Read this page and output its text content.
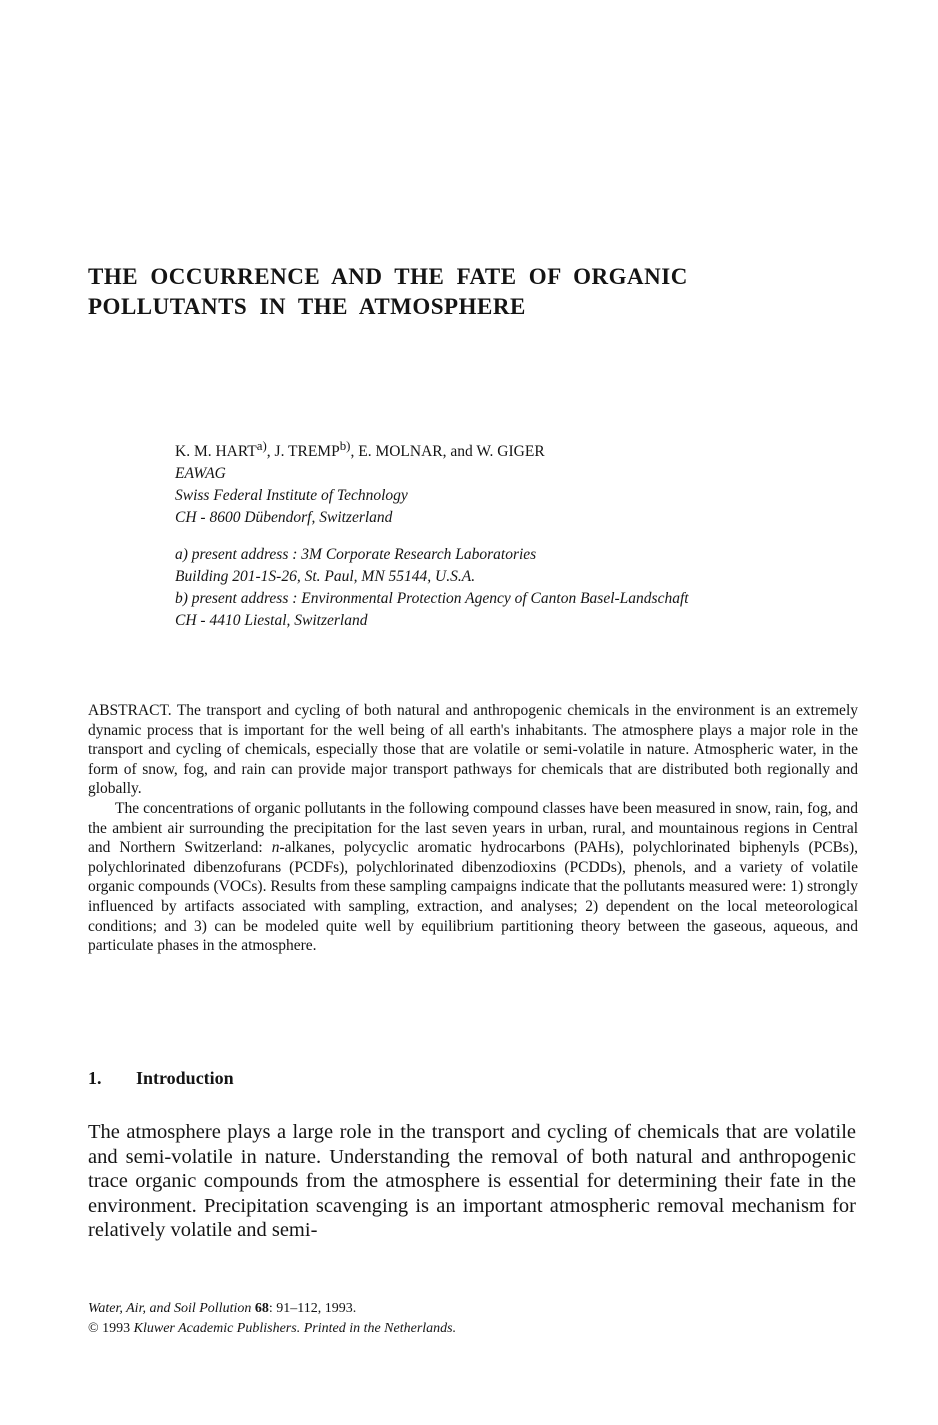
THE OCCURRENCE AND THE FATE OF ORGANIC
POLLUTANTS IN THE ATMOSPHERE
K. M. HART$^{a)}$, J. TREMP$^{b)}$, E. MOLNAR, and W. GIGER
EAWAG
Swiss Federal Institute of Technology
CH - 8600 Dübendorf, Switzerland
a) present address : 3M Corporate Research Laboratories
Building 201-1S-26, St. Paul, MN 55144, U.S.A.
b) present address : Environmental Protection Agency of Canton Basel-Landschaft
CH - 4410 Liestal, Switzerland

ABSTRACT. The transport and cycling of both natural and anthropogenic chemicals in the environment is an extremely dynamic process that is important for the well being of all earth's inhabitants. The atmosphere plays a major role in the transport and cycling of chemicals, especially those that are volatile or semi-volatile in nature. Atmospheric water, in the form of snow, fog, and rain can provide major transport pathways for chemicals that are distributed both regionally and globally.

The concentrations of organic pollutants in the following compound classes have been measured in snow, rain, fog, and the ambient air surrounding the precipitation for the last seven years in urban, rural, and mountainous regions in Central and Northern Switzerland: n-alkanes, polycyclic aromatic hydrocarbons (PAHs), polychlorinated biphenyls (PCBs), polychlorinated dibenzofurans (PCDFs), polychlorinated dibenzodioxins (PCDDs), phenols, and a variety of volatile organic compounds (VOCs). Results from these sampling campaigns indicate that the pollutants measured were: 1) strongly influenced by artifacts associated with sampling, extraction, and analyses; 2) dependent on the local meteorological conditions; and 3) can be modeled quite well by equilibrium partitioning theory between the gaseous, aqueous, and particulate phases in the atmosphere.

1. Introduction

The atmosphere plays a large role in the transport and cycling of chemicals that are volatile and semi-volatile in nature. Understanding the removal of both natural and anthropogenic trace organic compounds from the atmosphere is essential for determining their fate in the environment. Precipitation scavenging is an important atmospheric removal mechanism for relatively volatile and semi-

Water, Air, and Soil Pollution 68: 91–112, 1993.
© 1993 Kluwer Academic Publishers. Printed in the Netherlands.
